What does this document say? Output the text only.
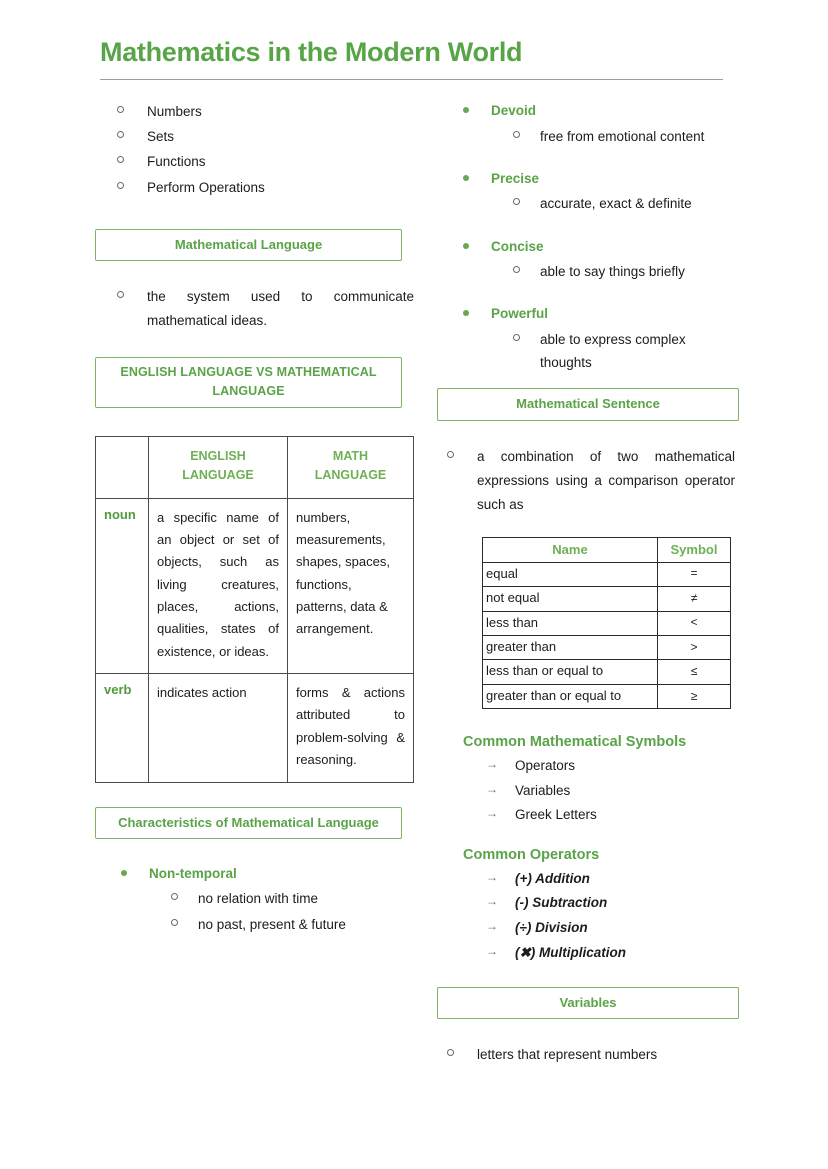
Mathematics in the Modern World
Numbers
Sets
Functions
Perform Operations
Mathematical Language
the system used to communicate mathematical ideas.
ENGLISH LANGUAGE VS MATHEMATICAL LANGUAGE
	ENGLISH LANGUAGE	MATH LANGUAGE
noun	a specific name of an object or set of objects, such as living creatures, places, actions, qualities, states of existence, or ideas.	numbers, measurements, shapes, spaces, functions, patterns, data & arrangement.
verb	indicates action	forms & actions attributed to problem-solving & reasoning.
Characteristics of Mathematical Language
Non-temporal
no relation with time
no past, present & future
Devoid
free from emotional content
Precise
accurate, exact & definite
Concise
able to say things briefly
Powerful
able to express complex thoughts
Mathematical Sentence
a combination of two mathematical expressions using a comparison operator such as
Name	Symbol
equal	=
not equal	≠
less than	<
greater than	>
less than or equal to	≤
greater than or equal to	≥
Common Mathematical Symbols
→ Operators
→ Variables
→ Greek Letters
Common Operators
→ (+) Addition
→ (-) Subtraction
→ (÷) Division
→ (✖) Multiplication
Variables
letters that represent numbers
